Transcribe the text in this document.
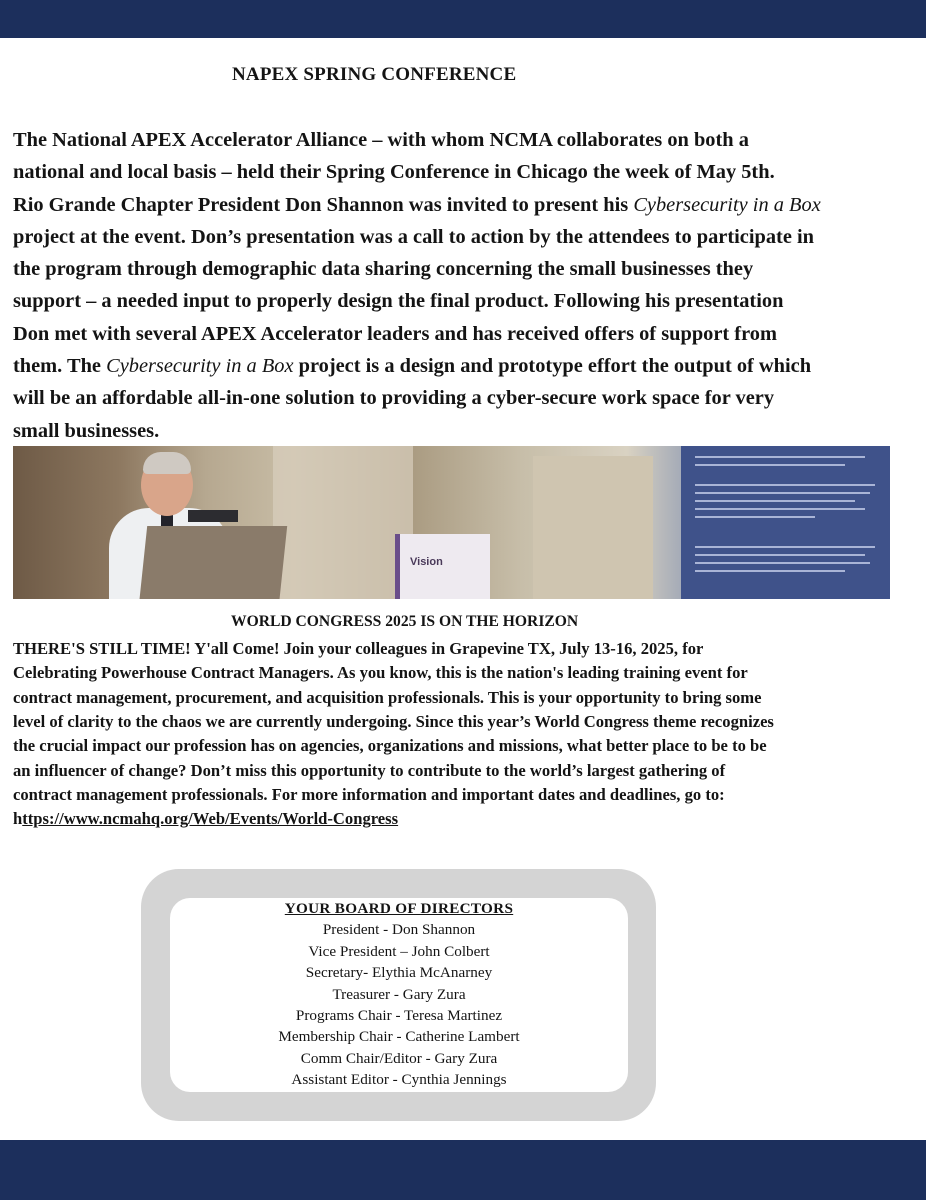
NAPEX SPRING CONFERENCE

The National APEX Accelerator Alliance – with whom NCMA collaborates on both a

national and local basis – held their Spring Conference in Chicago the week of May 5th.

Rio Grande Chapter President Don Shannon was invited to present his Cybersecurity in a Box

project at the event. Don’s presentation was a call to action by the attendees to participate in

the program through demographic data sharing concerning the small businesses they

support – a needed input to properly design the final product. Following his presentation

Don met with several APEX Accelerator leaders and has received offers of support from

them. The Cybersecurity in a Box project is a design and prototype effort the output of which

will be an affordable all-in-one solution to providing a cyber-secure work space for very

small businesses.

Vision
WORLD CONGRESS 2025 IS ON THE HORIZON

THERE'S STILL TIME! Y'all Come! Join your colleagues in Grapevine TX, July 13-16, 2025, for

Celebrating Powerhouse Contract Managers. As you know, this is the nation's leading training event for

contract management, procurement, and acquisition professionals. This is your opportunity to bring some

level of clarity to the chaos we are currently undergoing. Since this year’s World Congress theme recognizes

the crucial impact our profession has on agencies, organizations and missions, what better place to be to be

an influencer of change? Don’t miss this opportunity to contribute to the world’s largest gathering of

contract management professionals. For more information and important dates and deadlines, go to:

https://www.ncmahq.org/Web/Events/World-Congress

YOUR BOARD OF DIRECTORS
President - Don Shannon
Vice President – John Colbert
Secretary- Elythia McAnarney
Treasurer - Gary Zura
Programs Chair - Teresa Martinez
Membership Chair - Catherine Lambert
Comm Chair/Editor - Gary Zura
Assistant Editor - Cynthia Jennings
